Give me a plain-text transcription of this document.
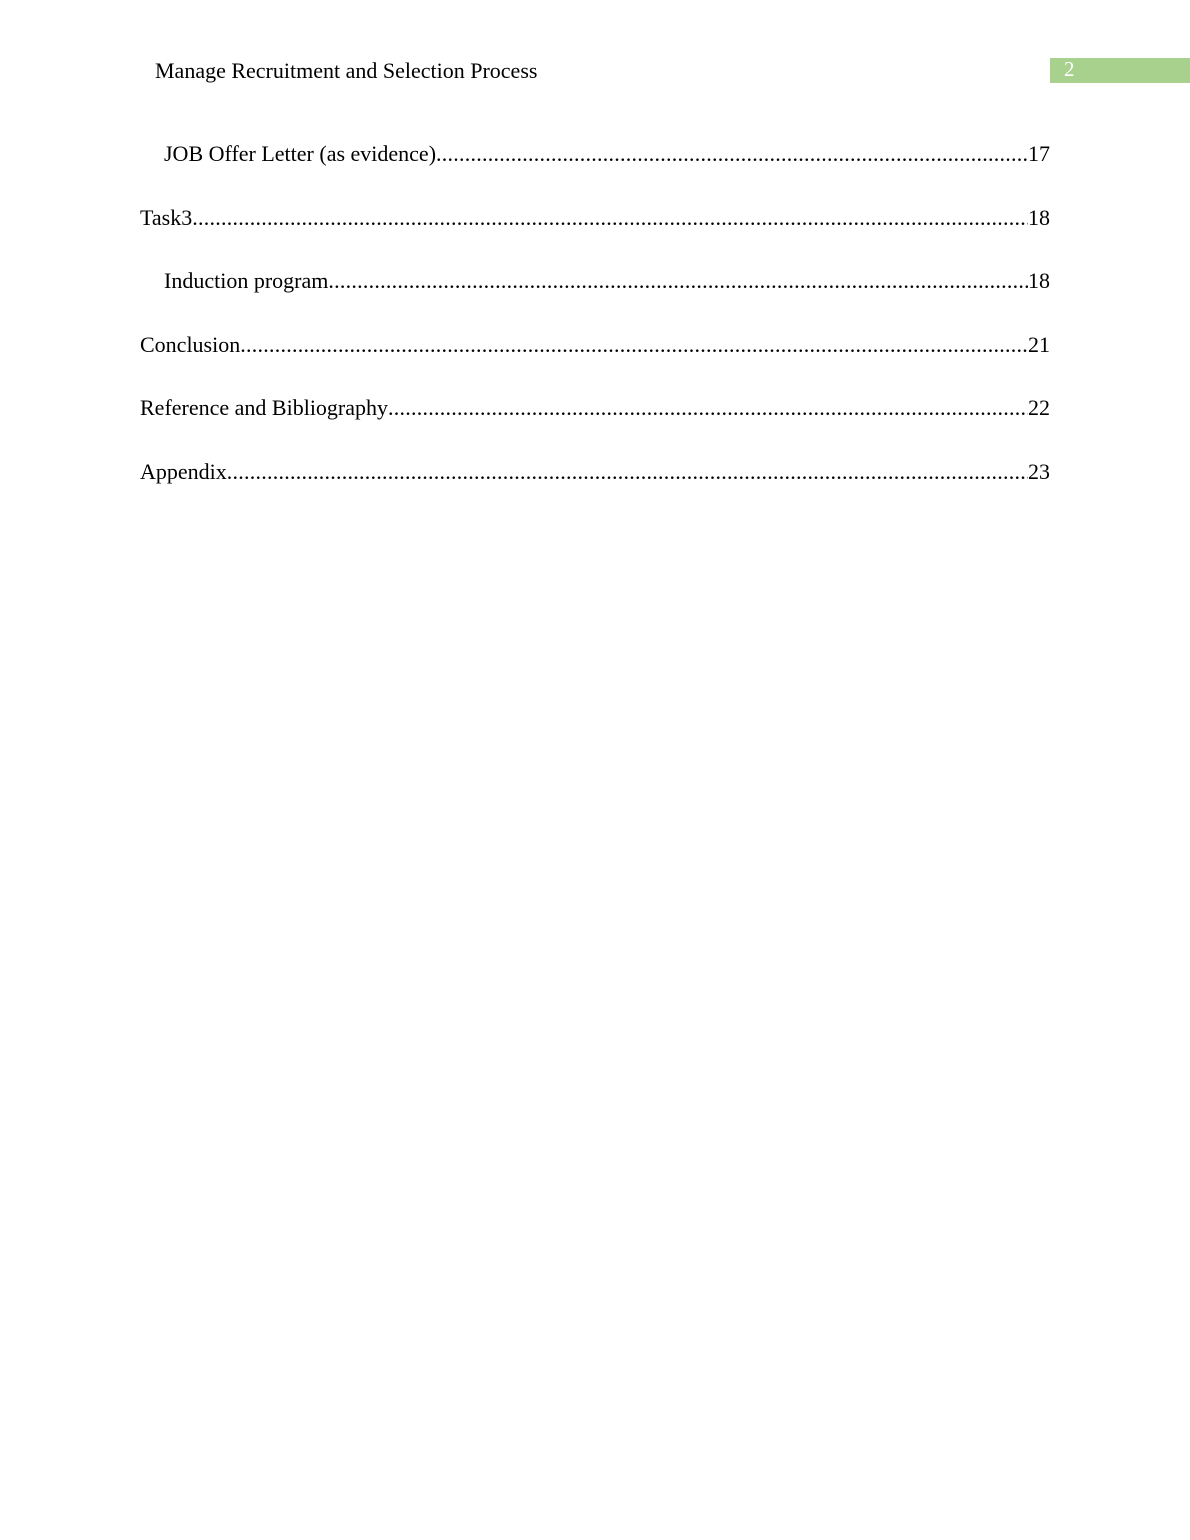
Manage Recruitment and Selection Process	2
JOB Offer Letter (as evidence) .....	17
Task3 .....	18
Induction program .....	18
Conclusion .....	21
Reference and Bibliography .....	22
Appendix .....	23
